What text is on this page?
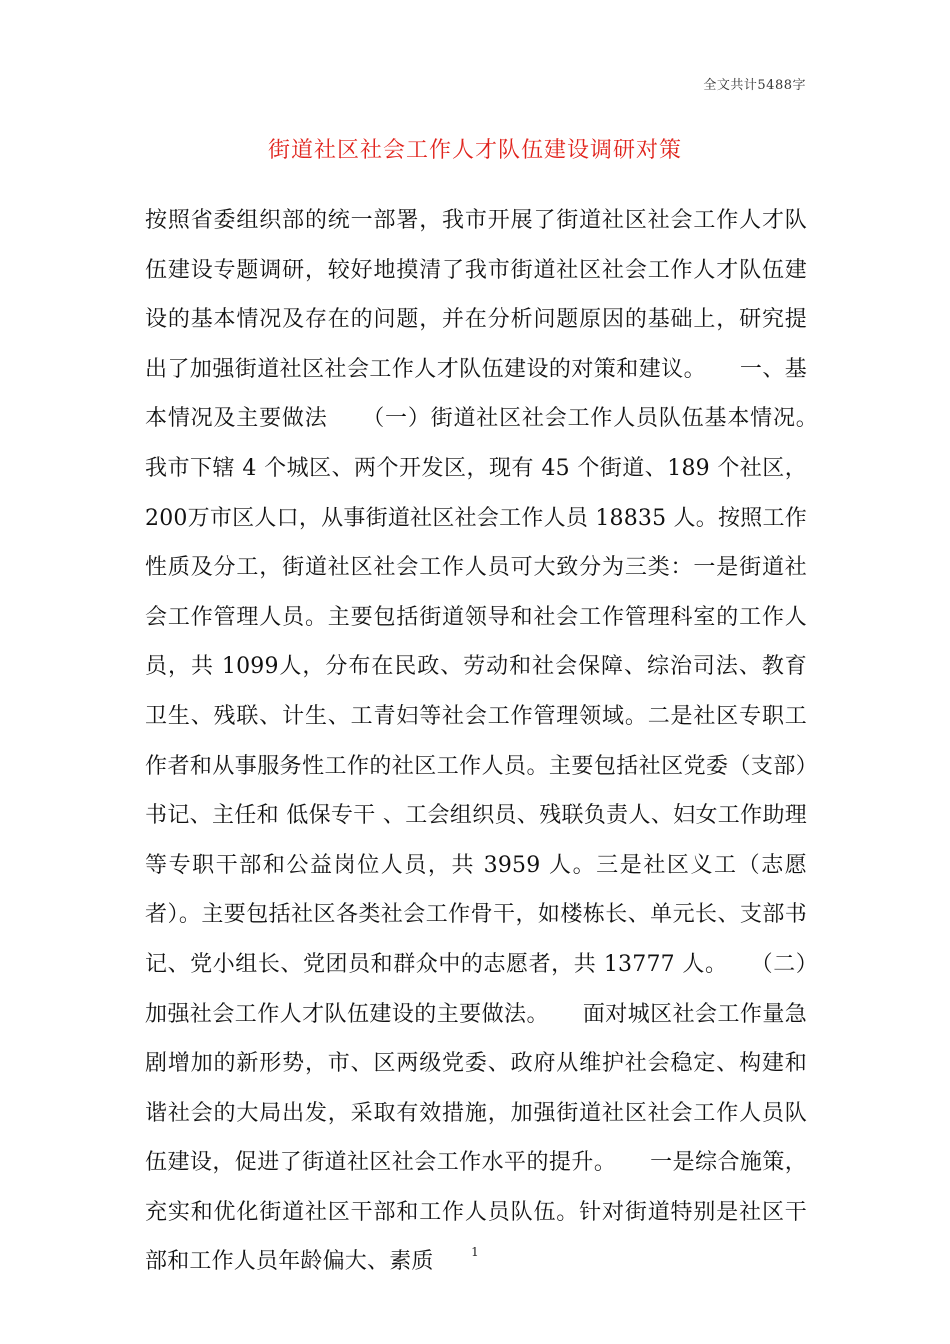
全文共计5488字
街道社区社会工作人才队伍建设调研对策
按照省委组织部的统一部署，我市开展了街道社区社会工作人才队伍建设专题调研，较好地摸清了我市街道社区社会工作人才队伍建设的基本情况及存在的问题，并在分析问题原因的基础上，研究提出了加强街道社区社会工作人才队伍建设的对策和建议。　　一、基本情况及主要做法　　（一）街道社区社会工作人员队伍基本情况。　　我市下辖 4 个城区、两个开发区，现有 45 个街道、189 个社区，200万市区人口，从事街道社区社会工作人员 18835 人。按照工作性质及分工，街道社区社会工作人员可大致分为三类：一是街道社会工作管理人员。主要包括街道领导和社会工作管理科室的工作人员，共 1099人，分布在民政、劳动和社会保障、综治司法、教育卫生、残联、计生、工青妇等社会工作管理领域。二是社区专职工作者和从事服务性工作的社区工作人员。主要包括社区党委（支部）书记、主任和 低保专干 、工会组织员、残联负责人、妇女工作助理等专职干部和公益岗位人员，共 3959 人。三是社区义工（志愿者）。主要包括社区各类社会工作骨干，如楼栋长、单元长、支部书记、党小组长、党团员和群众中的志愿者，共 13777 人。　　（二）加强社会工作人才队伍建设的主要做法。　　面对城区社会工作量急剧增加的新形势，市、区两级党委、政府从维护社会稳定、构建和谐社会的大局出发，采取有效措施，加强街道社区社会工作人员队伍建设，促进了街道社区社会工作水平的提升。　　一是综合施策，充实和优化街道社区干部和工作人员队伍。针对街道特别是社区干部和工作人员年龄偏大、素质	1
